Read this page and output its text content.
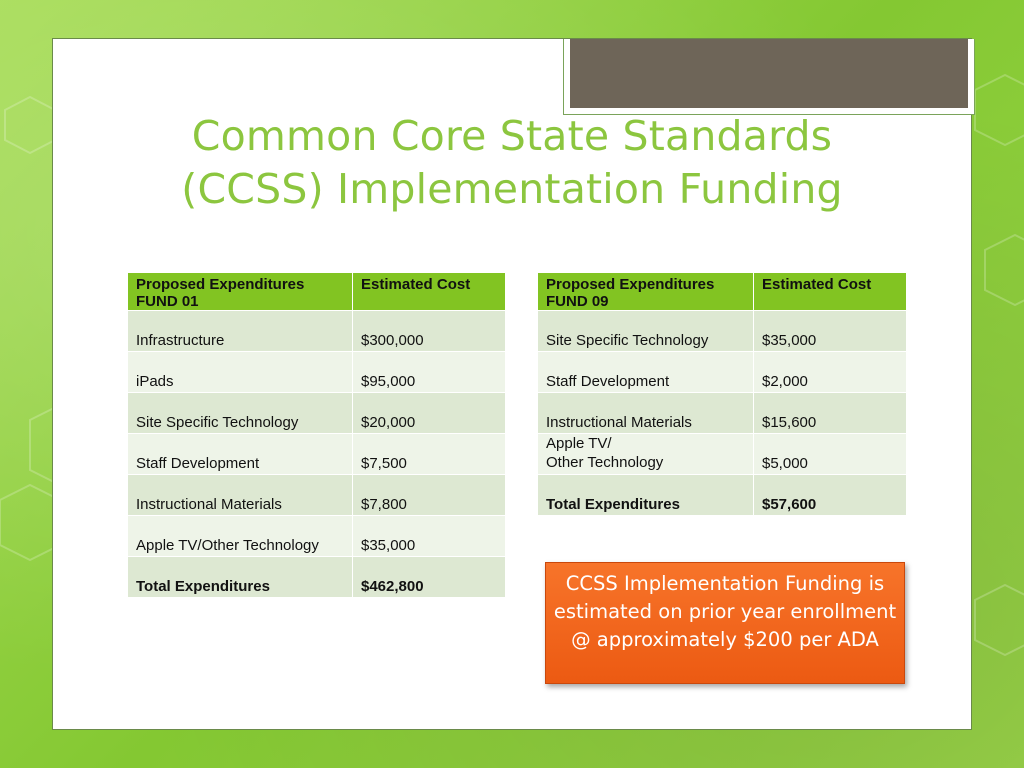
Common Core State Standards
(CCSS) Implementation Funding
Proposed Expenditures FUND 01	Estimated Cost
Infrastructure	$300,000
iPads	$95,000
Site Specific Technology	$20,000
Staff Development	$7,500
Instructional Materials	$7,800
Apple TV/Other Technology	$35,000
Total Expenditures	$462,800
Proposed Expenditures FUND 09	Estimated Cost
Site Specific Technology	$35,000
Staff Development	$2,000
Instructional Materials	$15,600
Apple TV/
Other Technology	$5,000
Total Expenditures	$57,600
CCSS Implementation Funding is estimated on prior year enrollment @ approximately $200 per ADA
